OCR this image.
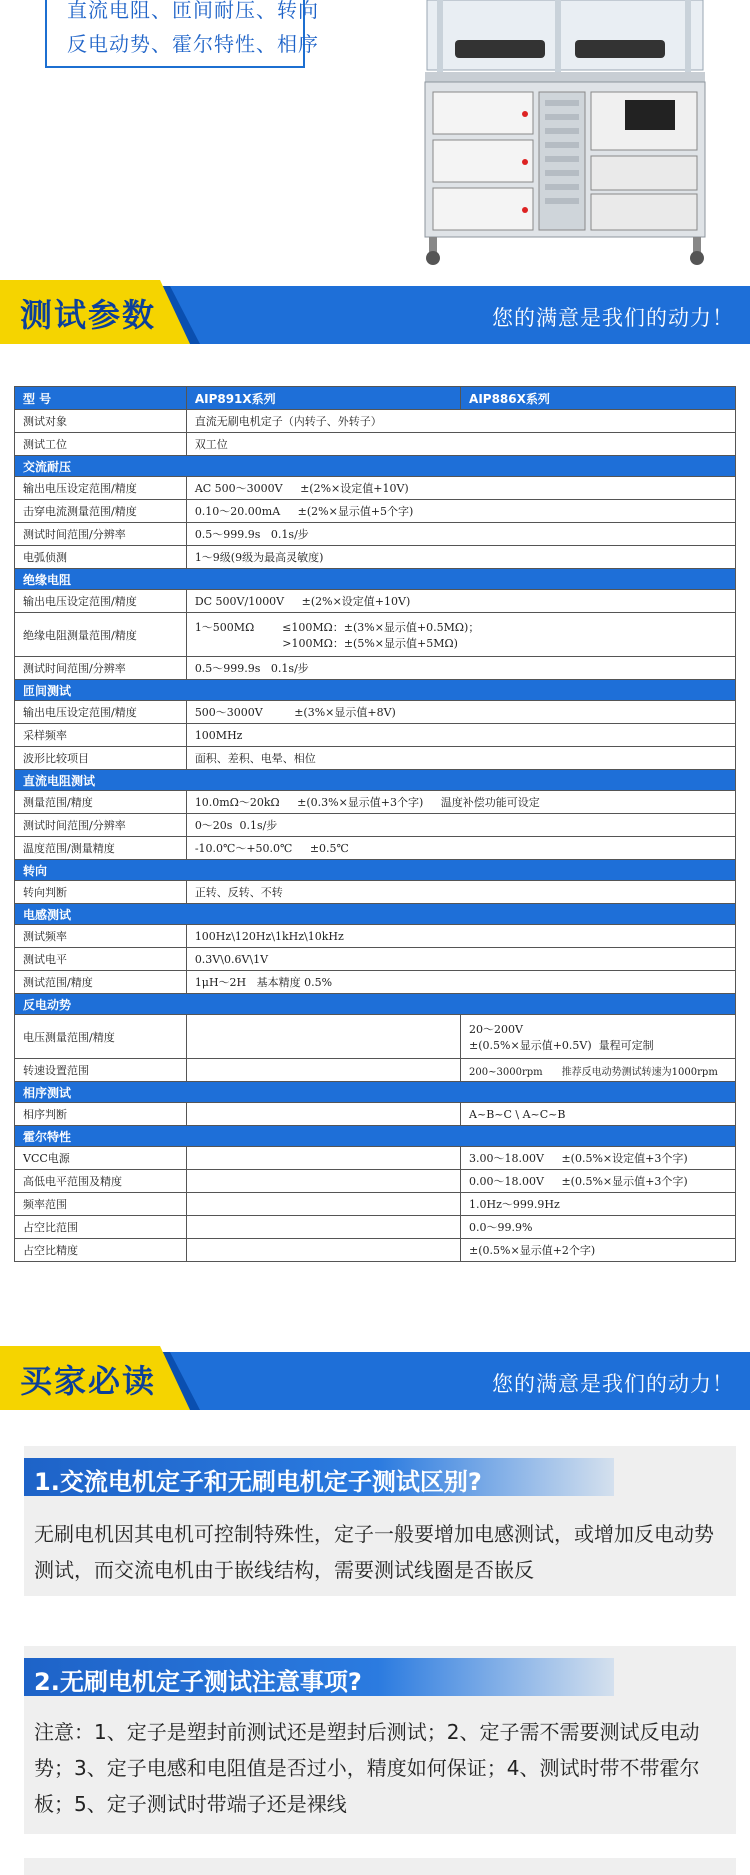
直流电阻、匝间耐压、转向
反电动势、霍尔特性、相序
测试参数	您的满意是我们的动力！
型 号	AIP891X系列	AIP886X系列
测试对象	直流无刷电机定子（内转子、外转子）	
测试工位	双工位	
交流耐压		
输出电压设定范围/精度	AC 500～3000V     ±(2%×设定值+10V)	
击穿电流测量范围/精度	0.10～20.00mA     ±(2%×显示值+5个字)	
测试时间范围/分辨率	0.5～999.9s   0.1s/步	
电弧侦测	1～9级(9级为最高灵敏度)	
绝缘电阻		
输出电压设定范围/精度	DC 500V/1000V     ±(2%×设定值+10V)	
绝缘电阻测量范围/精度	1～500MΩ        ≤100MΩ：±(3%×显示值+0.5MΩ)；
>100MΩ：±(5%×显示值+5MΩ)	
测试时间范围/分辨率	0.5～999.9s   0.1s/步	
匝间测试		
输出电压设定范围/精度	500～3000V         ±(3%×显示值+8V)	
采样频率	100MHz	
波形比较项目	面积、差积、电晕、相位	
直流电阻测试		
测量范围/精度	10.0mΩ～20kΩ     ±(0.3%×显示值+3个字)     温度补偿功能可设定	
测试时间范围/分辨率	0～20s  0.1s/步	
温度范围/测量精度	-10.0℃～+50.0℃     ±0.5℃	
转向		
转向判断	正转、反转、不转	
电感测试		
测试频率	100Hz\120Hz\1kHz\10kHz	
测试电平	0.3V\0.6V\1V	
测试范围/精度	1μH～2H   基本精度 0.5%	
反电动势		
电压测量范围/精度		20～200V
±(0.5%×显示值+0.5V)  量程可定制
转速设置范围		200~3000rpm      推荐反电动势测试转速为1000rpm
相序测试		
相序判断		A~B~C \ A~C~B
霍尔特性		
VCC电源		3.00～18.00V     ±(0.5%×设定值+3个字)
高低电平范围及精度		0.00～18.00V     ±(0.5%×显示值+3个字)
频率范围		1.0Hz～999.9Hz
占空比范围		0.0～99.9%
占空比精度		±(0.5%×显示值+2个字)
买家必读	您的满意是我们的动力！
1.交流电机定子和无刷电机定子测试区别?
无刷电机因其电机可控制特殊性，定子一般要增加电感测试，或增加反电动势测试，而交流电机由于嵌线结构，需要测试线圈是否嵌反
2.无刷电机定子测试注意事项?
注意：1、定子是塑封前测试还是塑封后测试；2、定子需不需要测试反电动势；3、定子电感和电阻值是否过小，精度如何保证；4、测试时带不带霍尔板；5、定子测试时带端子还是裸线
